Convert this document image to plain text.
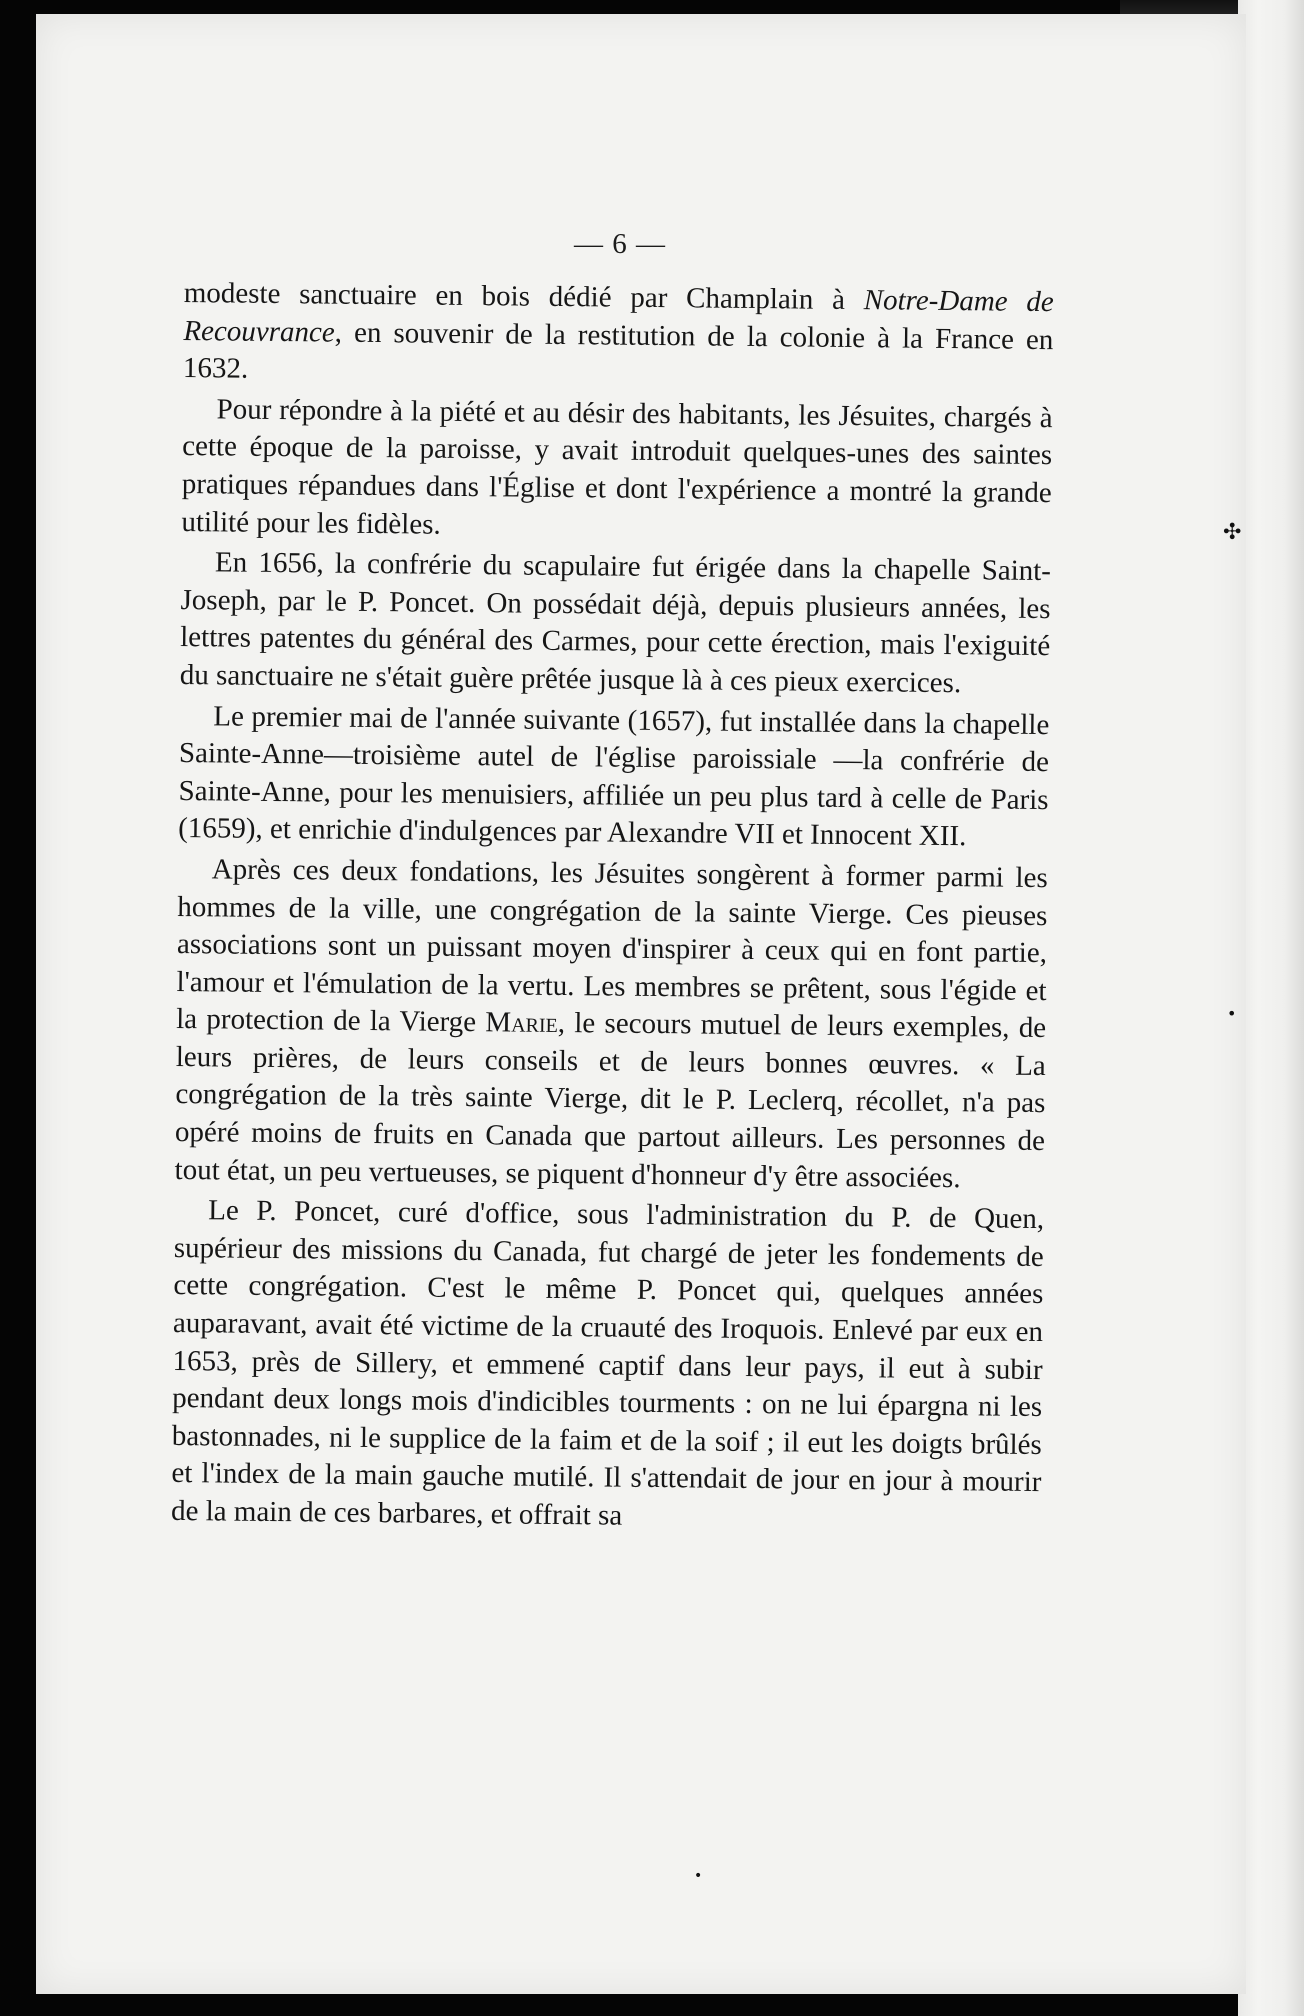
— 6 —

modeste sanctuaire en bois dédié par Champlain à Notre-Dame de Recouvrance, en souvenir de la restitution de la colonie à la France en 1632.

Pour répondre à la piété et au désir des habitants, les Jésuites, chargés à cette époque de la paroisse, y avait introduit quelques-unes des saintes pratiques répandues dans l'Église et dont l'expérience a montré la grande utilité pour les fidèles.

En 1656, la confrérie du scapulaire fut érigée dans la chapelle Saint-Joseph, par le P. Poncet. On possédait déjà, depuis plusieurs années, les lettres patentes du général des Carmes, pour cette érection, mais l'exiguité du sanctuaire ne s'était guère prêtée jusque là à ces pieux exercices.

Le premier mai de l'année suivante (1657), fut installée dans la chapelle Sainte-Anne—troisième autel de l'église paroissiale —la confrérie de Sainte-Anne, pour les menuisiers, affiliée un peu plus tard à celle de Paris (1659), et enrichie d'indulgences par Alexandre VII et Innocent XII.

Après ces deux fondations, les Jésuites songèrent à former parmi les hommes de la ville, une congrégation de la sainte Vierge. Ces pieuses associations sont un puissant moyen d'inspirer à ceux qui en font partie, l'amour et l'émulation de la vertu. Les membres se prêtent, sous l'égide et la protection de la Vierge Marie, le secours mutuel de leurs exemples, de leurs prières, de leurs conseils et de leurs bonnes œuvres. « La congrégation de la très sainte Vierge, dit le P. Leclerq, récollet, n'a pas opéré moins de fruits en Canada que partout ailleurs. Les personnes de tout état, un peu vertueuses, se piquent d'honneur d'y être associées.

Le P. Poncet, curé d'office, sous l'administration du P. de Quen, supérieur des missions du Canada, fut chargé de jeter les fondements de cette congrégation. C'est le même P. Poncet qui, quelques années auparavant, avait été victime de la cruauté des Iroquois. Enlevé par eux en 1653, près de Sillery, et emmené captif dans leur pays, il eut à subir pendant deux longs mois d'indicibles tourments : on ne lui épargna ni les bastonnades, ni le supplice de la faim et de la soif ; il eut les doigts brûlés et l'index de la main gauche mutilé. Il s'attendait de jour en jour à mourir de la main de ces barbares, et offrait sa

✣
•
•
